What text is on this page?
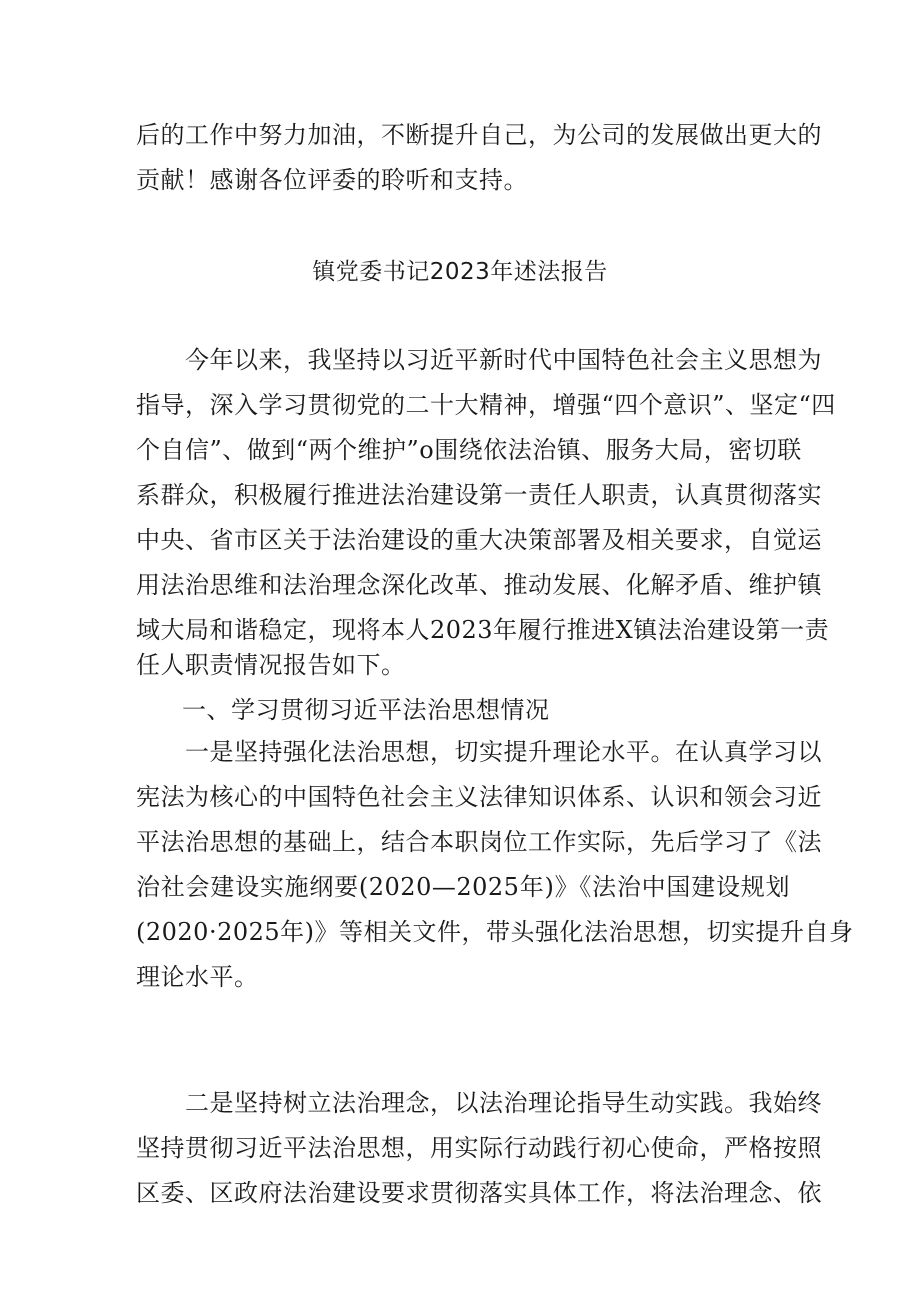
后的工作中努力加油，不断提升自己，为公司的发展做出更大的
贡献！感谢各位评委的聆听和支持。
镇党委书记2023年述法报告
　　今年以来，我坚持以习近平新时代中国特色社会主义思想为
指导，深入学习贯彻党的二十大精神，增强“四个意识”、坚定“四
个自信”、做到“两个维护”o围绕依法治镇、服务大局，密切联
系群众，积极履行推进法治建设第一责任人职责，认真贯彻落实
中央、省市区关于法治建设的重大决策部署及相关要求，自觉运
用法治思维和法治理念深化改革、推动发展、化解矛盾、维护镇
域大局和谐稳定，现将本人2023年履行推进X镇法治建设第一责
任人职责情况报告如下。
一、学习贯彻习近平法治思想情况
　　一是坚持强化法治思想，切实提升理论水平。在认真学习以
宪法为核心的中国特色社会主义法律知识体系、认识和领会习近
平法治思想的基础上，结合本职岗位工作实际，先后学习了《法
治社会建设实施纲要(2020—2025年)》《法治中国建设规划
(2020·2025年)》等相关文件，带头强化法治思想，切实提升自身
理论水平。
　　二是坚持树立法治理念，以法治理论指导生动实践。我始终
坚持贯彻习近平法治思想，用实际行动践行初心使命，严格按照
区委、区政府法治建设要求贯彻落实具体工作，将法治理念、依
